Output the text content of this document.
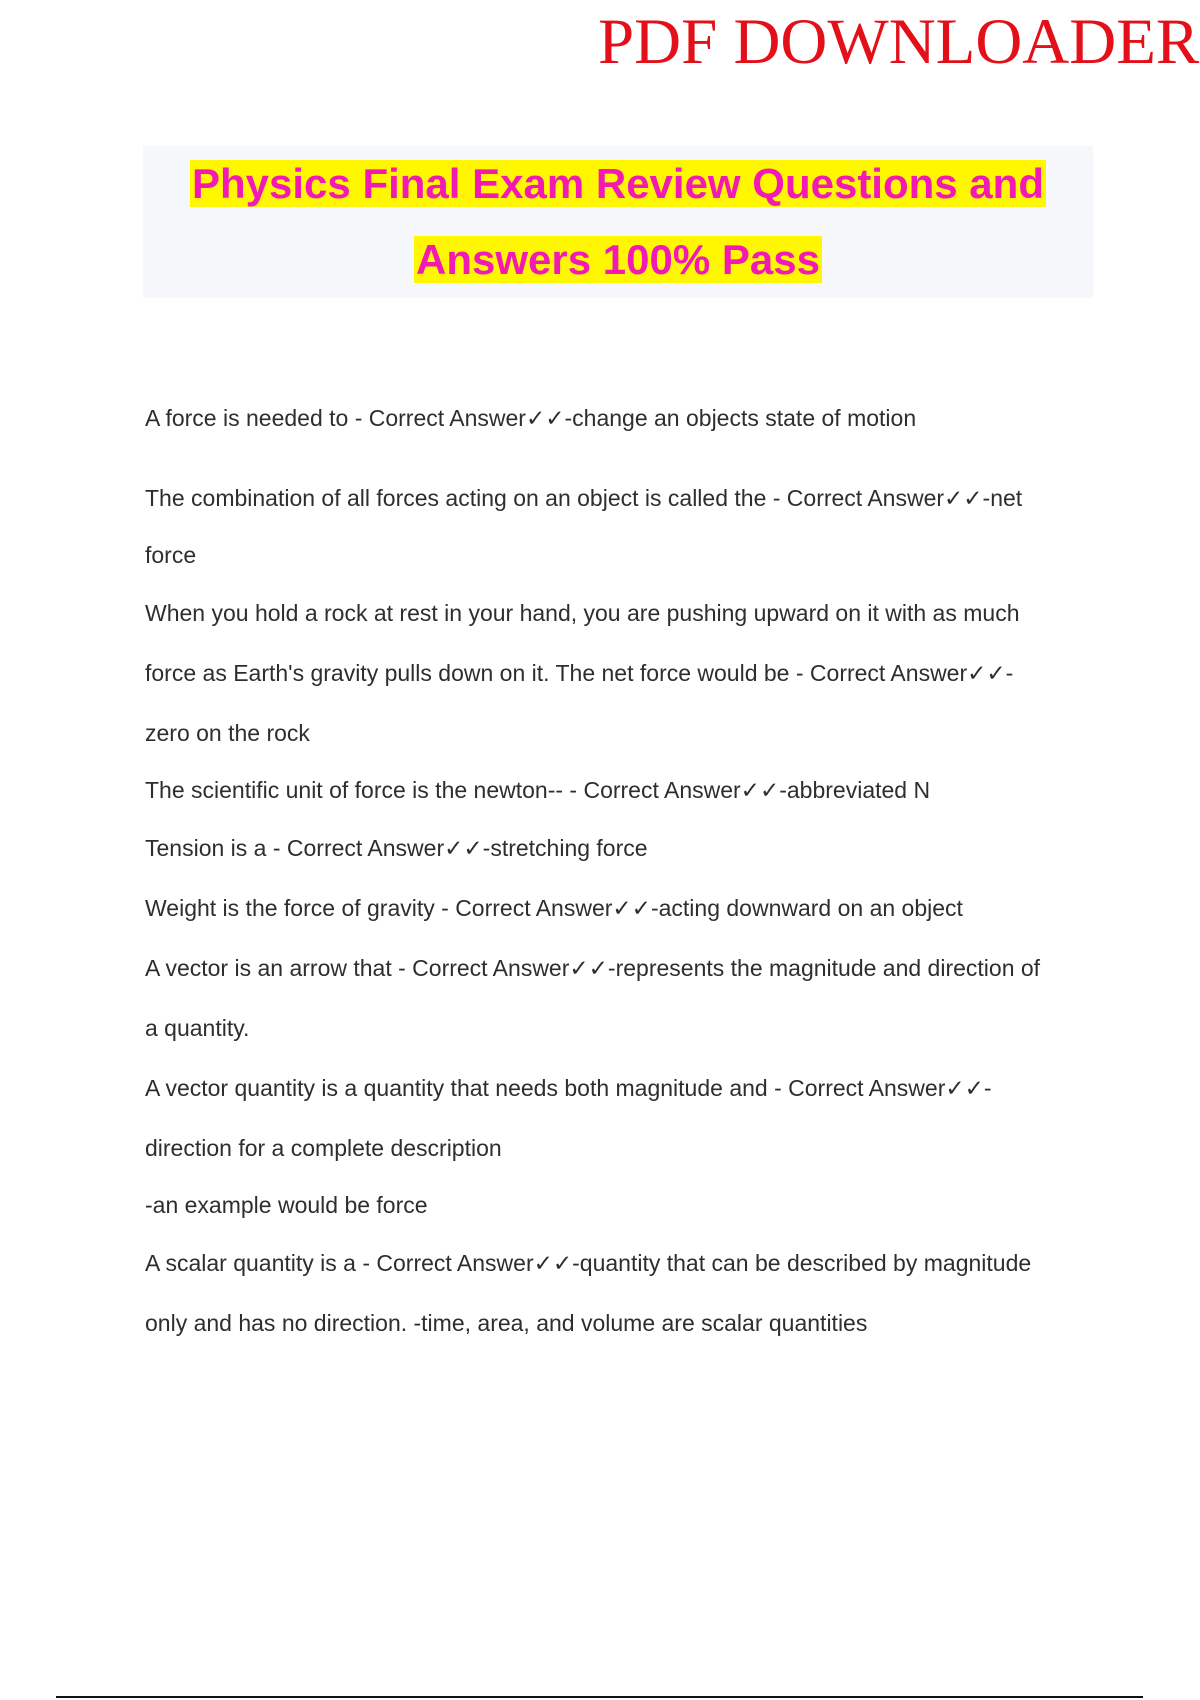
PDF DOWNLOADER
Physics Final Exam Review Questions and
Answers 100% Pass
A force is needed to - Correct Answer✓✓-change an objects state of motion
The combination of all forces acting on an object is called the - Correct Answer✓✓-net
force
When you hold a rock at rest in your hand, you are pushing upward on it with as much
force as Earth's gravity pulls down on it. The net force would be - Correct Answer✓✓-
zero on the rock
The scientific unit of force is the newton-- - Correct Answer✓✓-abbreviated N
Tension is a - Correct Answer✓✓-stretching force
Weight is the force of gravity - Correct Answer✓✓-acting downward on an object
A vector is an arrow that - Correct Answer✓✓-represents the magnitude and direction of
a quantity.
A vector quantity is a quantity that needs both magnitude and - Correct Answer✓✓-
direction for a complete description
-an example would be force
A scalar quantity is a - Correct Answer✓✓-quantity that can be described by magnitude
only and has no direction. -time, area, and volume are scalar quantities
